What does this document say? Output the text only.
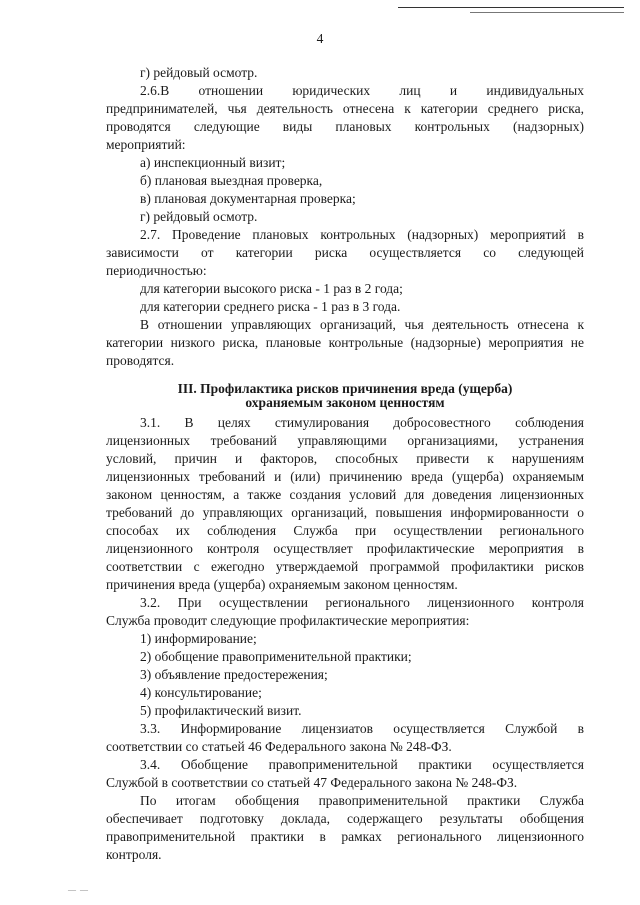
4

г) рейдовый осмотр.

2.6.В отношении юридических лиц и индивидуальных

предпринимателей, чья деятельность отнесена к категории среднего риска,

проводятся следующие виды плановых контрольных (надзорных)

мероприятий:

а) инспекционный визит;

б) плановая выездная проверка,

в) плановая документарная проверка;

г) рейдовый осмотр.

2.7. Проведение плановых контрольных (надзорных) мероприятий в

зависимости от категории риска осуществляется со следующей

периодичностью:

для категории высокого риска - 1 раз в 2 года;

для категории среднего риска - 1 раз в 3 года.

В отношении управляющих организаций, чья деятельность отнесена к

категории низкого риска, плановые контрольные (надзорные) мероприятия не

проводятся.

III. Профилактика рисков причинения вреда (ущерба)
охраняемым законом ценностям

3.1. В целях стимулирования добросовестного соблюдения

лицензионных требований управляющими организациями, устранения

условий, причин и факторов, способных привести к нарушениям

лицензионных требований и (или) причинению вреда (ущерба) охраняемым

законом ценностям, а также создания условий для доведения лицензионных

требований до управляющих организаций, повышения информированности о

способах их соблюдения Служба при осуществлении регионального

лицензионного контроля осуществляет профилактические мероприятия в

соответствии с ежегодно утверждаемой программой профилактики рисков

причинения вреда (ущерба) охраняемым законом ценностям.

3.2. При осуществлении регионального лицензионного контроля

Служба проводит следующие профилактические мероприятия:

1) информирование;

2) обобщение правоприменительной практики;

3) объявление предостережения;

4) консультирование;

5) профилактический визит.

3.3. Информирование лицензиатов осуществляется Службой в

соответствии со статьей 46 Федерального закона № 248-ФЗ.

3.4. Обобщение правоприменительной практики осуществляется

Службой в соответствии со статьей 47 Федерального закона № 248-ФЗ.

По итогам обобщения правоприменительной практики Служба

обеспечивает подготовку доклада, содержащего результаты обобщения

правоприменительной практики в рамках регионального лицензионного

контроля.

— —
